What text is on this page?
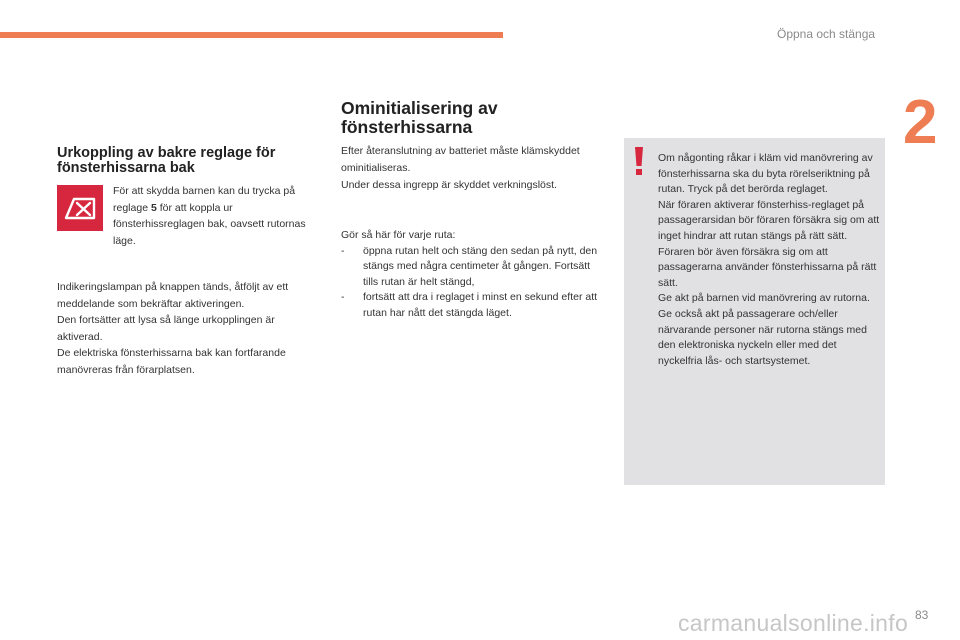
Öppna och stänga
2
Urkoppling av bakre reglage för fönsterhissarna bak

För att skydda barnen kan du trycka på reglage 5 för att koppla ur fönsterhissreglagen bak, oavsett rutornas läge.

Indikeringslampan på knappen tänds, åtföljt av ett meddelande som bekräftar aktiveringen.
Den fortsätter att lysa så länge urkopplingen är aktiverad.
De elektriska fönsterhissarna bak kan fortfarande manövreras från förarplatsen.

Ominitialisering av fönsterhissarna

Efter återanslutning av batteriet måste klämskyddet ominitialiseras.
Under dessa ingrepp är skyddet verkningslöst.

Gör så här för varje ruta:

-	öppna rutan helt och stäng den sedan på nytt, den stängs med några centimeter åt gången. Fortsätt tills rutan är helt stängd,
-	fortsätt att dra i reglaget i minst en sekund efter att rutan har nått det stängda läget.

Om någonting råkar i kläm vid manövrering av fönsterhissarna ska du byta rörelseriktning på rutan. Tryck på det berörda reglaget.
När föraren aktiverar fönsterhiss-reglaget på passagerarsidan bör föraren försäkra sig om att inget hindrar att rutan stängs på rätt sätt.
Föraren bör även försäkra sig om att passagerarna använder fönsterhissarna på rätt sätt.
Ge akt på barnen vid manövrering av rutorna.
Ge också akt på passagerare och/eller närvarande personer när rutorna stängs med den elektroniska nyckeln eller med det nyckelfria lås- och startsystemet.

carmanualsonline.info 83
